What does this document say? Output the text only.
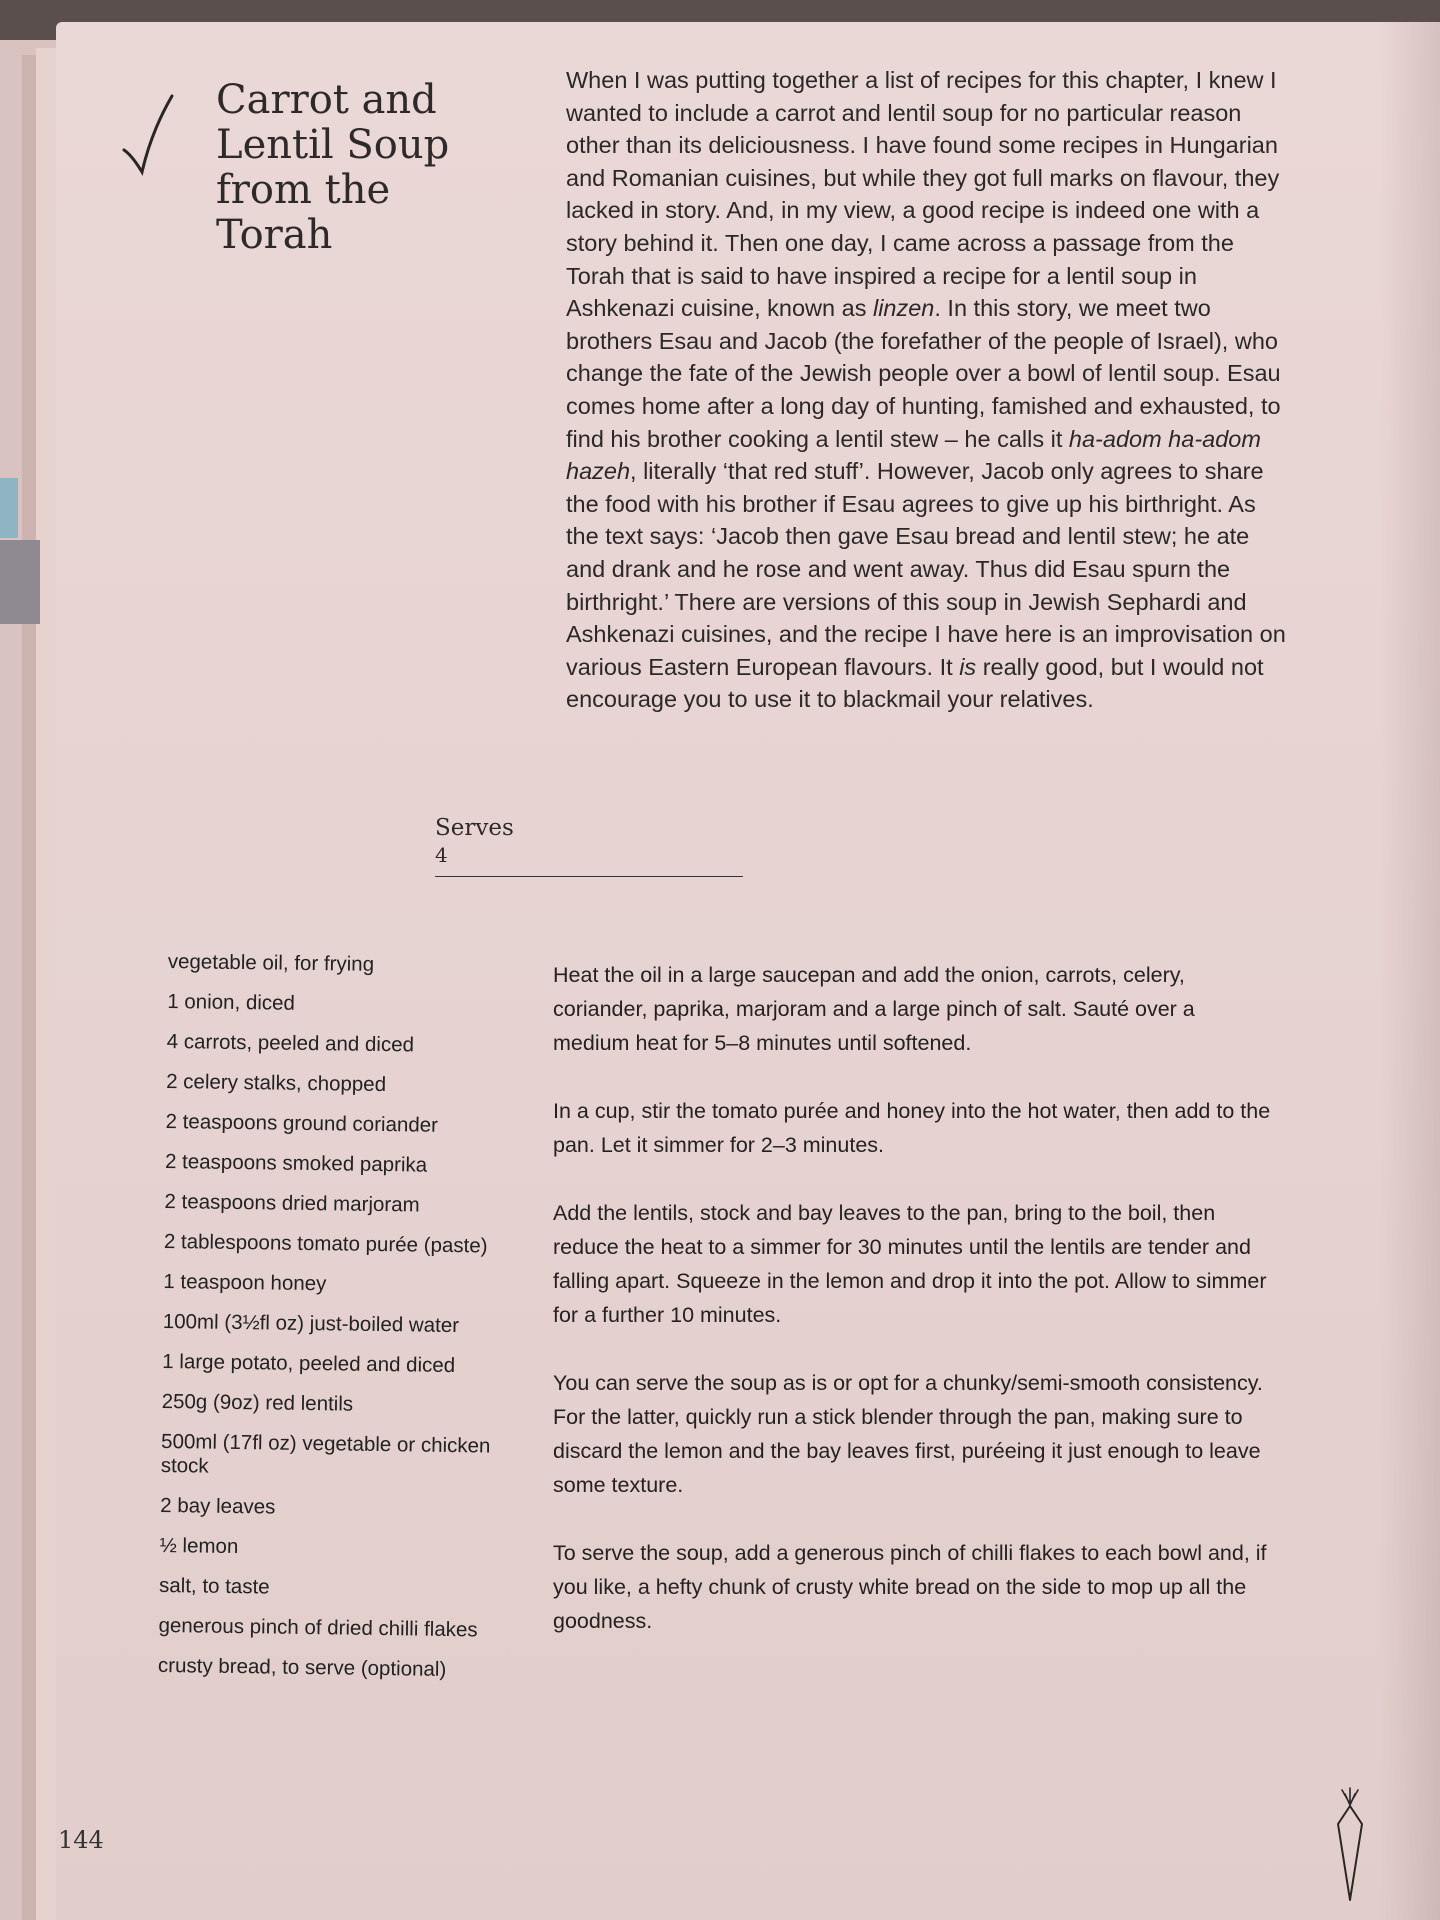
Carrot and
Lentil Soup
from the
Torah

When I was putting together a list of recipes for this chapter, I knew I wanted to include a carrot and lentil soup for no particular reason other than its deliciousness. I have found some recipes in Hungarian and Romanian cuisines, but while they got full marks on flavour, they lacked in story. And, in my view, a good recipe is indeed one with a story behind it. Then one day, I came across a passage from the Torah that is said to have inspired a recipe for a lentil soup in Ashkenazi cuisine, known as linzen. In this story, we meet two brothers Esau and Jacob (the forefather of the people of Israel), who change the fate of the Jewish people over a bowl of lentil soup. Esau comes home after a long day of hunting, famished and exhausted, to find his brother cooking a lentil stew – he calls it ha-adom ha-adom hazeh, literally ‘that red stuff’. However, Jacob only agrees to share the food with his brother if Esau agrees to give up his birthright. As the text says: ‘Jacob then gave Esau bread and lentil stew; he ate and drank and he rose and went away. Thus did Esau spurn the birthright.’ There are versions of this soup in Jewish Sephardi and Ashkenazi cuisines, and the recipe I have here is an improvisation on various Eastern European flavours. It is really good, but I would not encourage you to use it to blackmail your relatives.

Serves
4
vegetable oil, for frying
1 onion, diced
4 carrots, peeled and diced
2 celery stalks, chopped
2 teaspoons ground coriander
2 teaspoons smoked paprika
2 teaspoons dried marjoram
2 tablespoons tomato purée (paste)
1 teaspoon honey
100ml (3½fl oz) just-boiled water
1 large potato, peeled and diced
250g (9oz) red lentils
500ml (17fl oz) vegetable or chicken stock
2 bay leaves
½ lemon
salt, to taste
generous pinch of dried chilli flakes
crusty bread, to serve (optional)

Heat the oil in a large saucepan and add the onion, carrots, celery, coriander, paprika, marjoram and a large pinch of salt. Sauté over a medium heat for 5–8 minutes until softened.

In a cup, stir the tomato purée and honey into the hot water, then add to the pan. Let it simmer for 2–3 minutes.

Add the lentils, stock and bay leaves to the pan, bring to the boil, then reduce the heat to a simmer for 30 minutes until the lentils are tender and falling apart. Squeeze in the lemon and drop it into the pot. Allow to simmer for a further 10 minutes.

You can serve the soup as is or opt for a chunky/semi-smooth consistency. For the latter, quickly run a stick blender through the pan, making sure to discard the lemon and the bay leaves first, puréeing it just enough to leave some texture.

To serve the soup, add a generous pinch of chilli flakes to each bowl and, if you like, a hefty chunk of crusty white bread on the side to mop up all the goodness.

144
